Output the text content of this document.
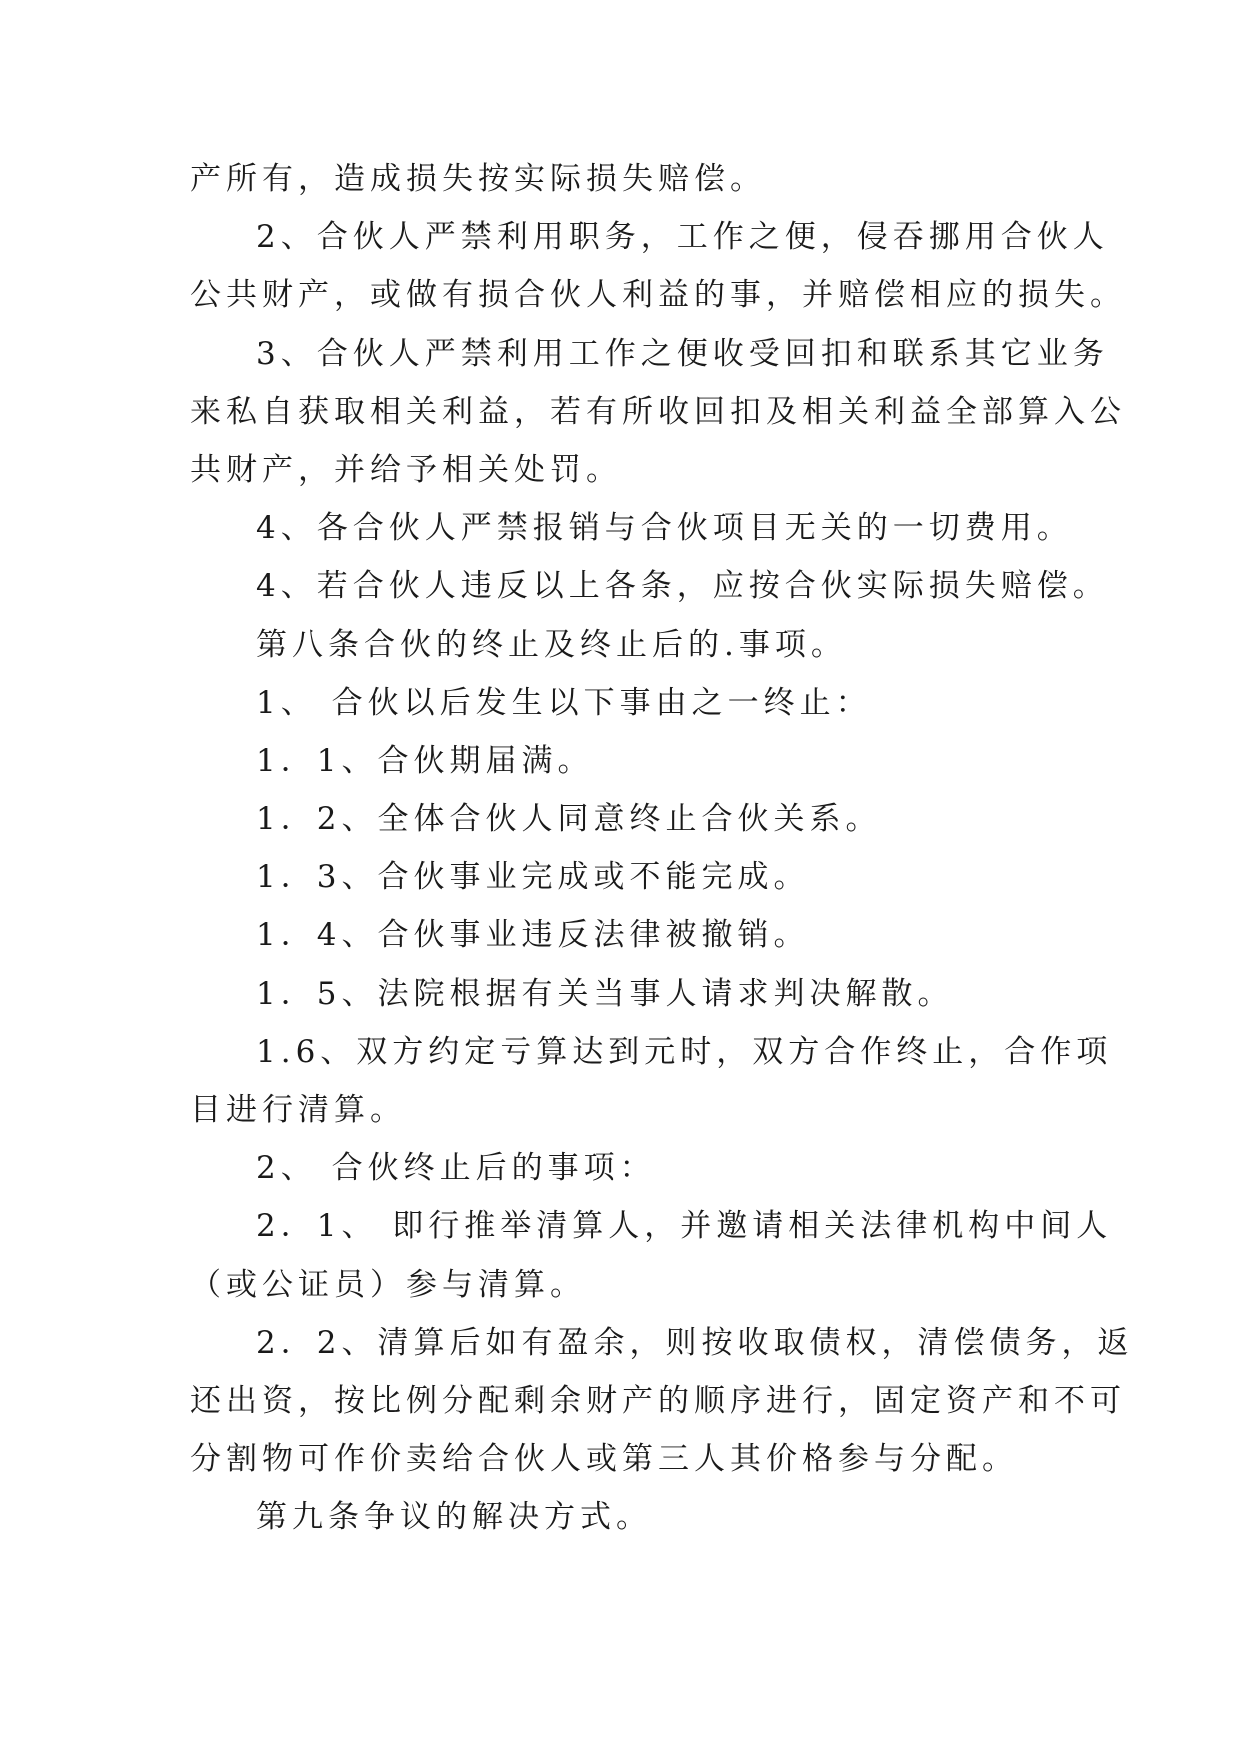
产所有，造成损失按实际损失赔偿。
2、合伙人严禁利用职务，工作之便，侵吞挪用合伙人
公共财产，或做有损合伙人利益的事，并赔偿相应的损失。
3、合伙人严禁利用工作之便收受回扣和联系其它业务
来私自获取相关利益，若有所收回扣及相关利益全部算入公
共财产，并给予相关处罚。
4、各合伙人严禁报销与合伙项目无关的一切费用。
4、若合伙人违反以上各条，应按合伙实际损失赔偿。
第八条合伙的终止及终止后的.事项。
1、 合伙以后发生以下事由之一终止：
1．1、合伙期届满。
1．2、全体合伙人同意终止合伙关系。
1．3、合伙事业完成或不能完成。
1．4、合伙事业违反法律被撤销。
1．5、法院根据有关当事人请求判决解散。
1.6、双方约定亏算达到元时，双方合作终止，合作项
目进行清算。
2、 合伙终止后的事项：
2．1、 即行推举清算人，并邀请相关法律机构中间人
（或公证员）参与清算。
2．2、清算后如有盈余，则按收取债权，清偿债务，返
还出资，按比例分配剩余财产的顺序进行，固定资产和不可
分割物可作价卖给合伙人或第三人其价格参与分配。
第九条争议的解决方式。
